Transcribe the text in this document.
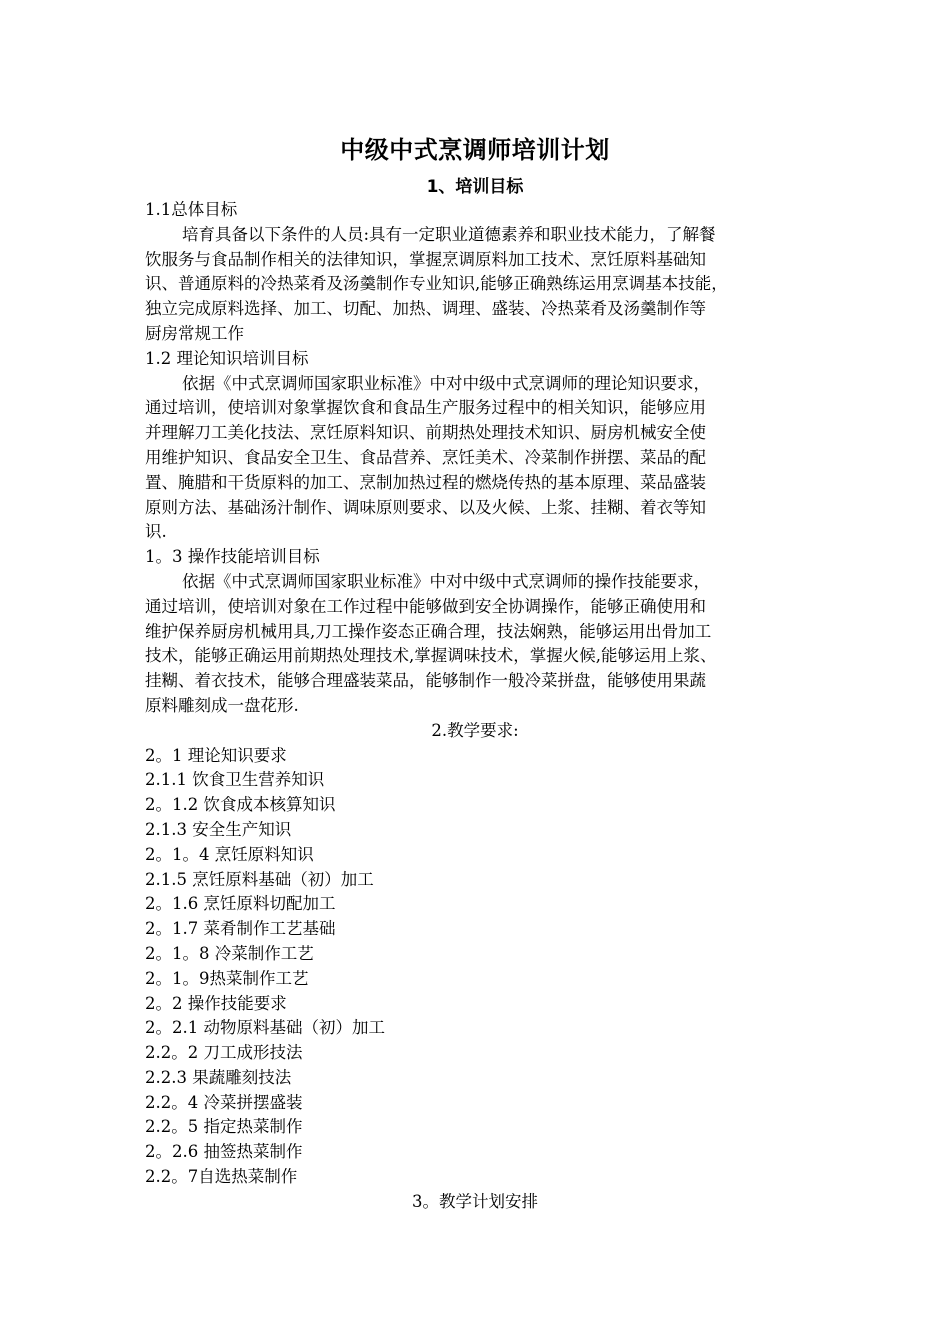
中级中式烹调师培训计划
1、培训目标
1.1总体目标
培育具备以下条件的人员:具有一定职业道德素养和职业技术能力，了解餐
饮服务与食品制作相关的法律知识，掌握烹调原料加工技术、烹饪原料基础知
识、普通原料的冷热菜肴及汤羹制作专业知识,能够正确熟练运用烹调基本技能，
独立完成原料选择、加工、切配、加热、调理、盛装、冷热菜肴及汤羹制作等
厨房常规工作
1.2 理论知识培训目标
依据《中式烹调师国家职业标准》中对中级中式烹调师的理论知识要求，
通过培训，使培训对象掌握饮食和食品生产服务过程中的相关知识，能够应用
并理解刀工美化技法、烹饪原料知识、前期热处理技术知识、厨房机械安全使
用维护知识、食品安全卫生、食品营养、烹饪美术、冷菜制作拼摆、菜品的配
置、腌腊和干货原料的加工、烹制加热过程的燃烧传热的基本原理、菜品盛装
原则方法、基础汤汁制作、调味原则要求、以及火候、上浆、挂糊、着衣等知
识.
1。3 操作技能培训目标
依据《中式烹调师国家职业标准》中对中级中式烹调师的操作技能要求，
通过培训，使培训对象在工作过程中能够做到安全协调操作，能够正确使用和
维护保养厨房机械用具,刀工操作姿态正确合理，技法娴熟，能够运用出骨加工
技术，能够正确运用前期热处理技术,掌握调味技术，掌握火候,能够运用上浆、
挂糊、着衣技术，能够合理盛装菜品，能够制作一般冷菜拼盘，能够使用果蔬
原料雕刻成一盘花形.
2.教学要求:
2。1 理论知识要求
2.1.1 饮食卫生营养知识
2。1.2 饮食成本核算知识
2.1.3 安全生产知识
2。1。4 烹饪原料知识
2.1.5 烹饪原料基础（初）加工
2。1.6 烹饪原料切配加工
2。1.7 菜肴制作工艺基础
2。1。8 冷菜制作工艺
2。1。9热菜制作工艺
2。2 操作技能要求
2。2.1 动物原料基础（初）加工
2.2。2 刀工成形技法
2.2.3 果蔬雕刻技法
2.2。4 冷菜拼摆盛装
2.2。5 指定热菜制作
2。2.6 抽签热菜制作
2.2。7自选热菜制作
3。教学计划安排
